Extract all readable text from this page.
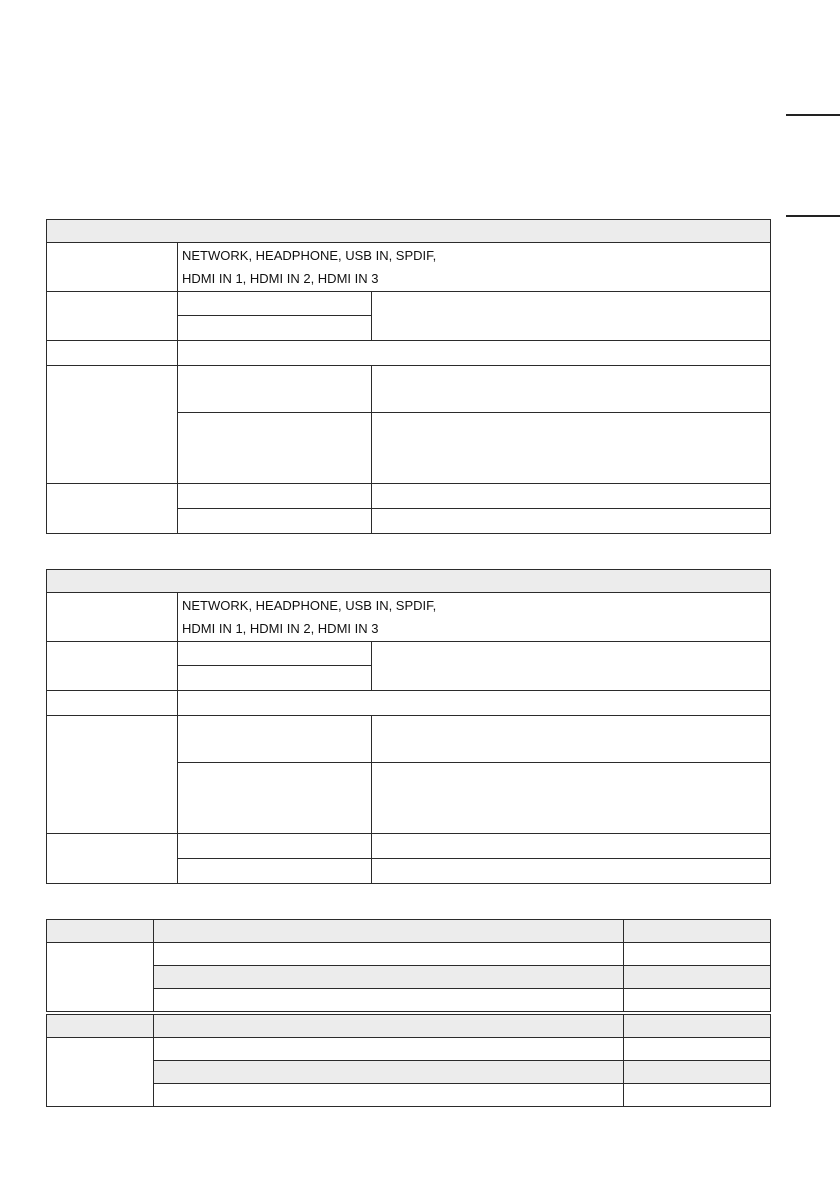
	NETWORK, HEADPHONE, USB IN, SPDIF,
HDMI IN 1, HDMI IN 2, HDMI IN 3	

	NETWORK, HEADPHONE, USB IN, SPDIF,
HDMI IN 1, HDMI IN 2, HDMI IN 3	
